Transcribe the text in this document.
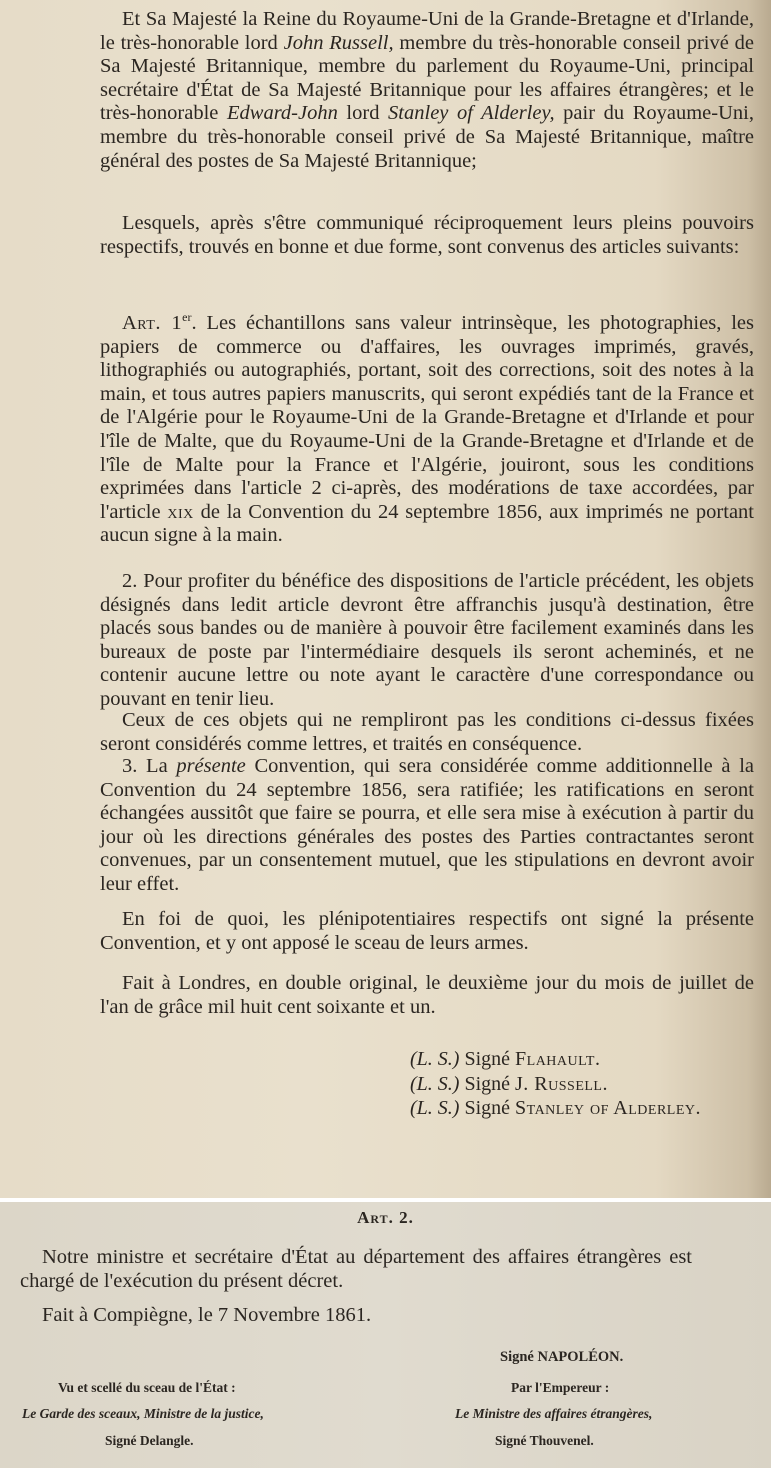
Et Sa Majesté la Reine du Royaume-Uni de la Grande-Bretagne et d'Irlande, le très-honorable lord John Russell, membre du très-honorable conseil privé de Sa Majesté Britannique, membre du parlement du Royaume-Uni, principal secrétaire d'État de Sa Majesté Britannique pour les affaires étrangères; et le très-honorable Edward-John lord Stanley of Alderley, pair du Royaume-Uni, membre du très-honorable conseil privé de Sa Majesté Britannique, maître général des postes de Sa Majesté Britannique;

Lesquels, après s'être communiqué réciproquement leurs pleins pouvoirs respectifs, trouvés en bonne et due forme, sont convenus des articles suivants:

Art. 1er. Les échantillons sans valeur intrinsèque, les photographies, les papiers de commerce ou d'affaires, les ouvrages imprimés, gravés, lithographiés ou autographiés, portant, soit des corrections, soit des notes à la main, et tous autres papiers manuscrits, qui seront expédiés tant de la France et de l'Algérie pour le Royaume-Uni de la Grande-Bretagne et d'Irlande et pour l'île de Malte, que du Royaume-Uni de la Grande-Bretagne et d'Irlande et de l'île de Malte pour la France et l'Algérie, jouiront, sous les conditions exprimées dans l'article 2 ci-après, des modérations de taxe accordées, par l'article xix de la Convention du 24 septembre 1856, aux imprimés ne portant aucun signe à la main.

2. Pour profiter du bénéfice des dispositions de l'article précédent, les objets désignés dans ledit article devront être affranchis jusqu'à destination, être placés sous bandes ou de manière à pouvoir être facilement examinés dans les bureaux de poste par l'intermédiaire desquels ils seront acheminés, et ne contenir aucune lettre ou note ayant le caractère d'une correspondance ou pouvant en tenir lieu.

Ceux de ces objets qui ne rempliront pas les conditions ci-dessus fixées seront considérés comme lettres, et traités en conséquence.

3. La présente Convention, qui sera considérée comme additionnelle à la Convention du 24 septembre 1856, sera ratifiée; les ratifications en seront échangées aussitôt que faire se pourra, et elle sera mise à exécution à partir du jour où les directions générales des postes des Parties contractantes seront convenues, par un consentement mutuel, que les stipulations en devront avoir leur effet.

En foi de quoi, les plénipotentiaires respectifs ont signé la présente Convention, et y ont apposé le sceau de leurs armes.

Fait à Londres, en double original, le deuxième jour du mois de juillet de l'an de grâce mil huit cent soixante et un.

(L. S.) Signé Flahault.
(L. S.) Signé J. Russell.
(L. S.) Signé Stanley of Alderley.
Art. 2.

Notre ministre et secrétaire d'État au département des affaires étrangères est chargé de l'exécution du présent décret.

Fait à Compiègne, le 7 Novembre 1861.
Signé NAPOLÉON.
Vu et scellé du sceau de l'État :
Le Garde des sceaux, Ministre de la justice,
Signé Delangle.
Par l'Empereur :
Le Ministre des affaires étrangères,
Signé Thouvenel.
